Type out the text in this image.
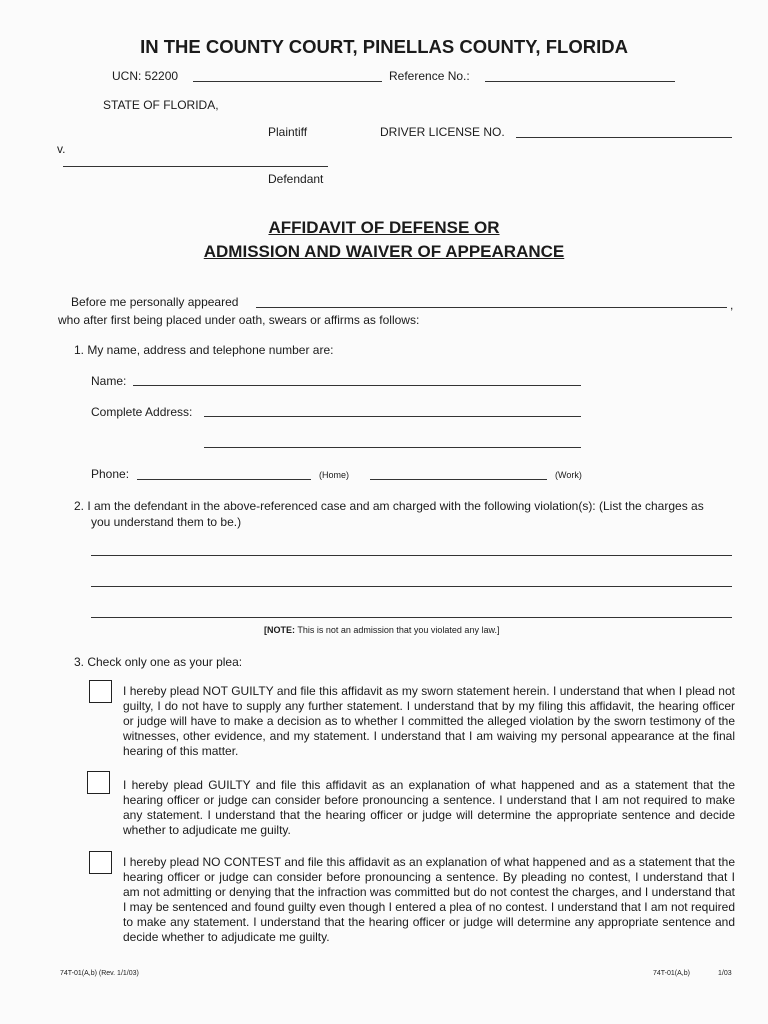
IN THE COUNTY COURT, PINELLAS COUNTY, FLORIDA
UCN: 52200	Reference No.:
STATE OF FLORIDA,
Plaintiff	DRIVER LICENSE NO.
v.
Defendant
AFFIDAVIT OF DEFENSE OR
ADMISSION AND WAIVER OF APPEARANCE
Before me personally appeared	,
who after first being placed under oath, swears or affirms as follows:
1. My name, address and telephone number are:
Name:
Complete Address:
Phone:	(Home)	(Work)
2. I am the defendant in the above-referenced case and am charged with the following violation(s): (List the charges as
you understand them to be.)
[NOTE: This is not an admission that you violated any law.]
3. Check only one as your plea:
I hereby plead NOT GUILTY and file this affidavit as my sworn statement herein. I understand that when I plead not guilty, I do not have to supply any further statement. I understand that by my filing this affidavit, the hearing officer or judge will have to make a decision as to whether I committed the alleged violation by the sworn testimony of the witnesses, other evidence, and my statement. I understand that I am waiving my personal appearance at the final hearing of this matter.
I hereby plead GUILTY and file this affidavit as an explanation of what happened and as a statement that the hearing officer or judge can consider before pronouncing a sentence. I understand that I am not required to make any statement. I understand that the hearing officer or judge will determine the appropriate sentence and decide whether to adjudicate me guilty.
I hereby plead NO CONTEST and file this affidavit as an explanation of what happened and as a statement that the hearing officer or judge can consider before pronouncing a sentence. By pleading no contest, I understand that I am not admitting or denying that the infraction was committed but do not contest the charges, and I understand that I may be sentenced and found guilty even though I entered a plea of no contest. I understand that I am not required to make any statement. I understand that the hearing officer or judge will determine any appropriate sentence and decide whether to adjudicate me guilty.
74T-01(A,b) (Rev. 1/1/03)	74T-01(A,b)	1/03
